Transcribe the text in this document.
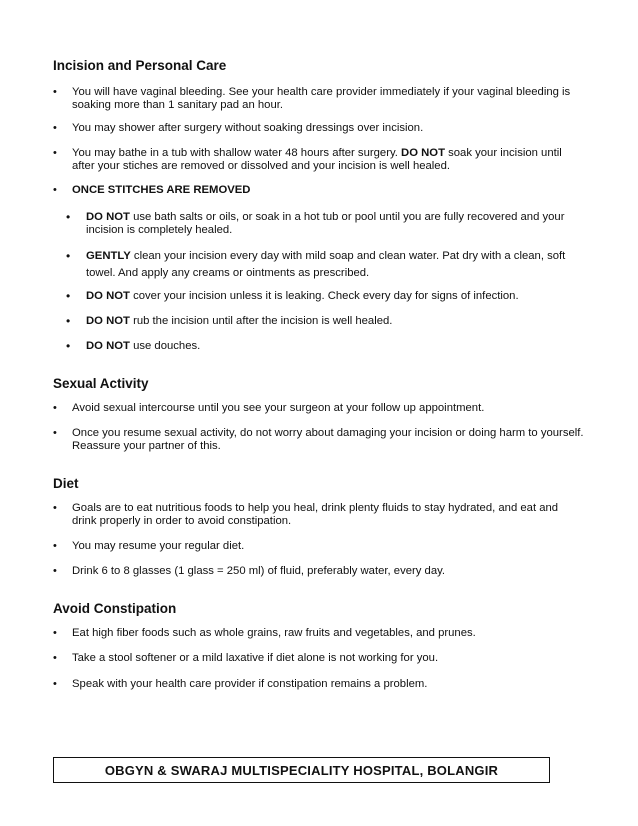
Incision and Personal Care
• You will have vaginal bleeding. See your health care provider immediately if your vaginal bleeding is soaking more than 1 sanitary pad an hour.
• You may shower after surgery without soaking dressings over incision.
• You may bathe in a tub with shallow water 48 hours after surgery. DO NOT soak your incision until after your stiches are removed or dissolved and your incision is well healed.
• ONCE STITCHES ARE REMOVED
• DO NOT use bath salts or oils, or soak in a hot tub or pool until you are fully recovered and your incision is completely healed.
• GENTLY clean your incision every day with mild soap and clean water. Pat dry with a clean, soft towel. And apply any creams or ointments as prescribed.
• DO NOT cover your incision unless it is leaking. Check every day for signs of infection.
• DO NOT rub the incision until after the incision is well healed.
• DO NOT use douches.
Sexual Activity
• Avoid sexual intercourse until you see your surgeon at your follow up appointment.
• Once you resume sexual activity, do not worry about damaging your incision or doing harm to yourself. Reassure your partner of this.
Diet
• Goals are to eat nutritious foods to help you heal, drink plenty fluids to stay hydrated, and eat and drink properly in order to avoid constipation.
• You may resume your regular diet.
• Drink 6 to 8 glasses (1 glass = 250 ml) of fluid, preferably water, every day.
Avoid Constipation
• Eat high fiber foods such as whole grains, raw fruits and vegetables, and prunes.
• Take a stool softener or a mild laxative if diet alone is not working for you.
• Speak with your health care provider if constipation remains a problem.
OBGYN & SWARAJ MULTISPECIALITY HOSPITAL, BOLANGIR
